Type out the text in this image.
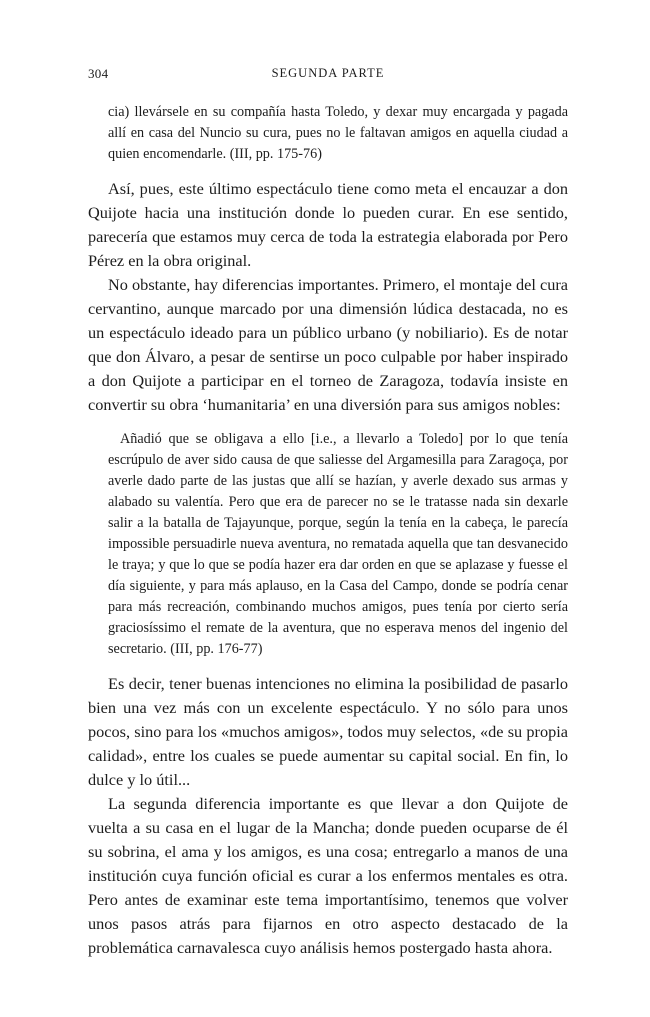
304	SEGUNDA PARTE

cia) llevársele en su compañía hasta Toledo, y dexar muy encargada y pagada allí en casa del Nuncio su cura, pues no le faltavan amigos en aquella ciudad a quien encomendarle. (III, pp. 175-76)

Así, pues, este último espectáculo tiene como meta el encauzar a don Quijote hacia una institución donde lo pueden curar. En ese sentido, parecería que estamos muy cerca de toda la estrategia elaborada por Pero Pérez en la obra original.

No obstante, hay diferencias importantes. Primero, el montaje del cura cervantino, aunque marcado por una dimensión lúdica destacada, no es un espectáculo ideado para un público urbano (y nobiliario). Es de notar que don Álvaro, a pesar de sentirse un poco culpable por haber inspirado a don Quijote a participar en el torneo de Zaragoza, todavía insiste en convertir su obra ‘humanitaria’ en una diversión para sus amigos nobles:

Añadió que se obligava a ello [i.e., a llevarlo a Toledo] por lo que tenía escrúpulo de aver sido causa de que saliesse del Argamesilla para Zaragoça, por averle dado parte de las justas que allí se hazían, y averle dexado sus armas y alabado su valentía. Pero que era de parecer no se le tratasse nada sin dexarle salir a la batalla de Tajayunque, porque, según la tenía en la cabeça, le parecía impossible persuadirle nueva aventura, no rematada aquella que tan desvanecido le traya; y que lo que se podía hazer era dar orden en que se aplazase y fuesse el día siguiente, y para más aplauso, en la Casa del Campo, donde se podría cenar para más recreación, combinando muchos amigos, pues tenía por cierto sería graciosíssimo el remate de la aventura, que no esperava menos del ingenio del secretario. (III, pp. 176-77)

Es decir, tener buenas intenciones no elimina la posibilidad de pasarlo bien una vez más con un excelente espectáculo. Y no sólo para unos pocos, sino para los «muchos amigos», todos muy selectos, «de su propia calidad», entre los cuales se puede aumentar su capital social. En fin, lo dulce y lo útil...

La segunda diferencia importante es que llevar a don Quijote de vuelta a su casa en el lugar de la Mancha; donde pueden ocuparse de él su sobrina, el ama y los amigos, es una cosa; entregarlo a manos de una institución cuya función oficial es curar a los enfermos mentales es otra. Pero antes de examinar este tema importantísimo, tenemos que volver unos pasos atrás para fijarnos en otro aspecto destacado de la problemática carnavalesca cuyo análisis hemos postergado hasta ahora.
